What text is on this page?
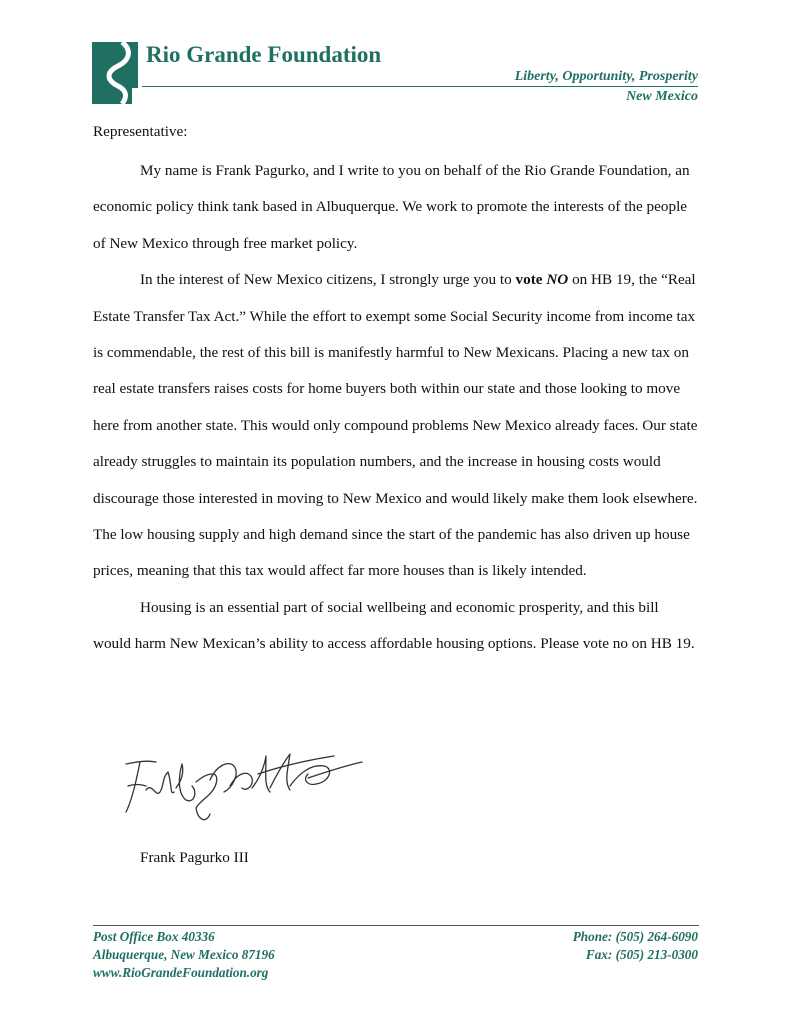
Rio Grande Foundation
Liberty, Opportunity, Prosperity
New Mexico

Representative:

My name is Frank Pagurko, and I write to you on behalf of the Rio Grande Foundation, an economic policy think tank based in Albuquerque. We work to promote the interests of the people of New Mexico through free market policy.

In the interest of New Mexico citizens, I strongly urge you to vote NO on HB 19, the “Real Estate Transfer Tax Act.” While the effort to exempt some Social Security income from income tax is commendable, the rest of this bill is manifestly harmful to New Mexicans. Placing a new tax on real estate transfers raises costs for home buyers both within our state and those looking to move here from another state. This would only compound problems New Mexico already faces. Our state already struggles to maintain its population numbers, and the increase in housing costs would discourage those interested in moving to New Mexico and would likely make them look elsewhere. The low housing supply and high demand since the start of the pandemic has also driven up house prices, meaning that this tax would affect far more houses than is likely intended.

Housing is an essential part of social wellbeing and economic prosperity, and this bill would harm New Mexican’s ability to access affordable housing options. Please vote no on HB 19.

Frank Pagurko III
Post Office Box 40336
Albuquerque, New Mexico 87196
www.RioGrandeFoundation.org
Phone: (505) 264-6090
Fax: (505) 213-0300
